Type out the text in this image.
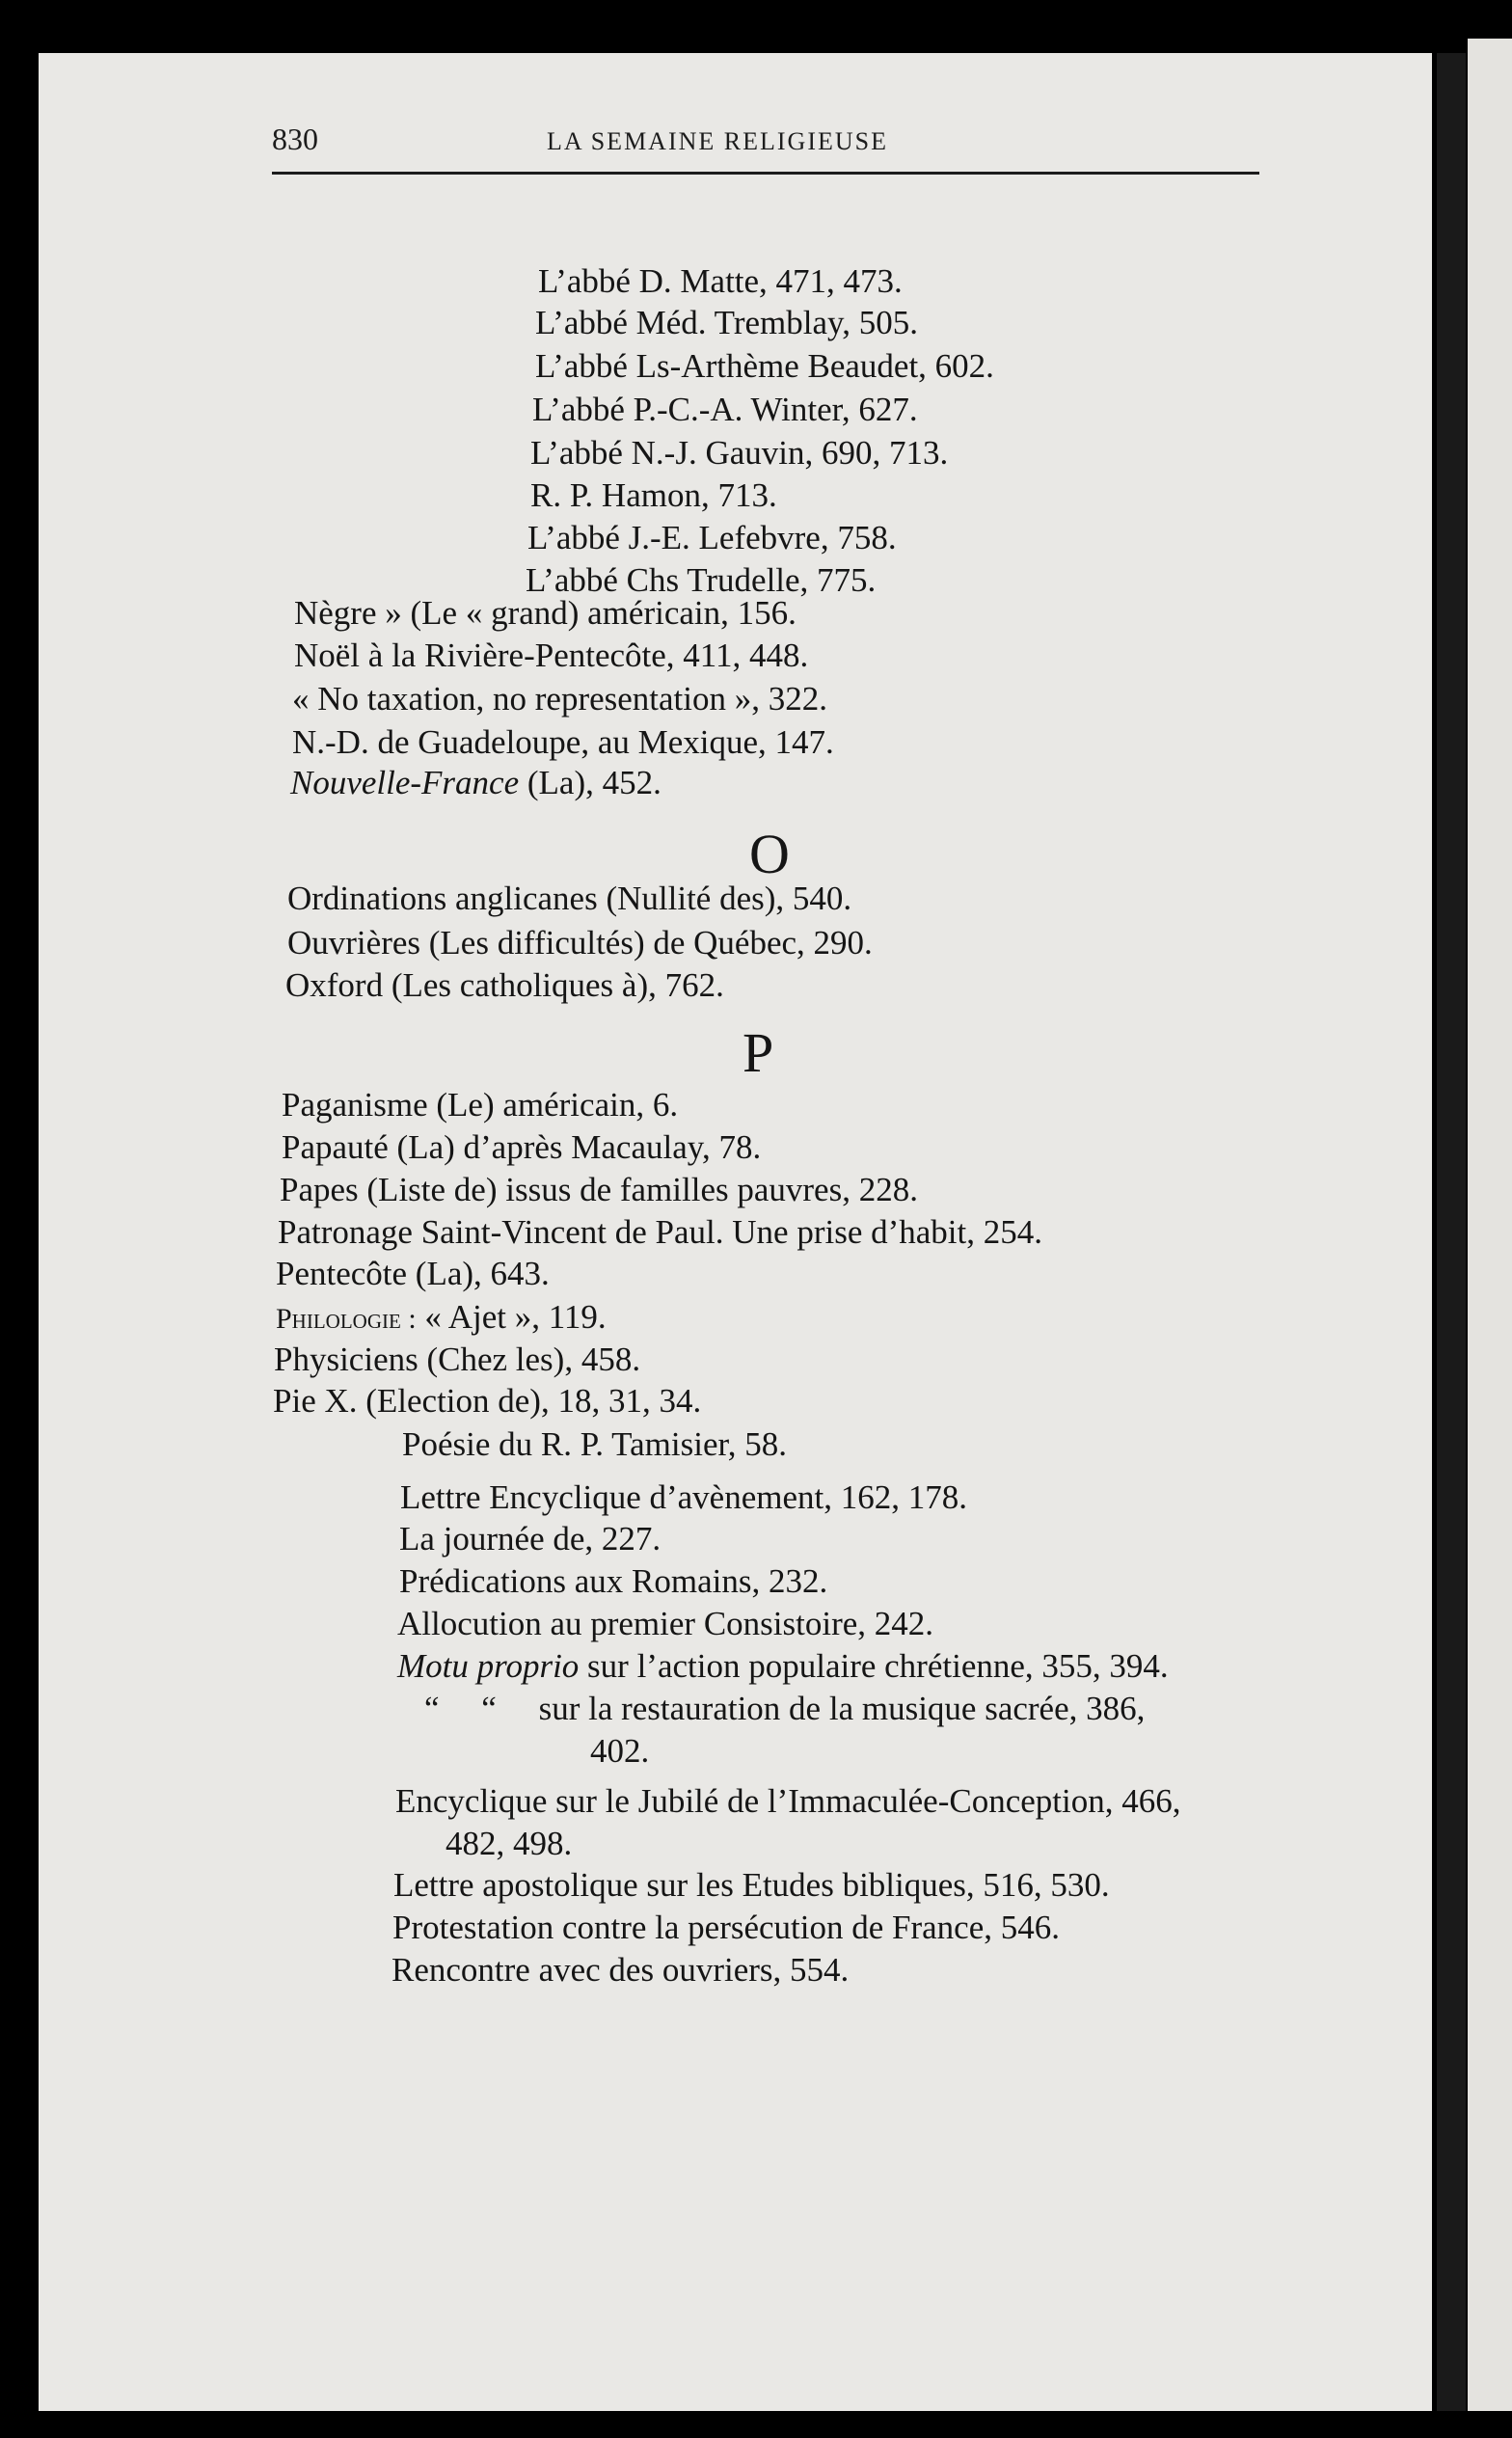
830	LA SEMAINE RELIGIEUSE
L’abbé D. Matte, 471, 473.
L’abbé Méd. Tremblay, 505.
L’abbé Ls-Arthème Beaudet, 602.
L’abbé P.-C.-A. Winter, 627.
L’abbé N.-J. Gauvin, 690, 713.
R. P. Hamon, 713.
L’abbé J.-E. Lefebvre, 758.
L’abbé Chs Trudelle, 775.
Nègre » (Le « grand) américain, 156.
Noël à la Rivière-Pentecôte, 411, 448.
« No taxation, no representation », 322.
N.-D. de Guadeloupe, au Mexique, 147.
Nouvelle-France (La), 452.
O
Ordinations anglicanes (Nullité des), 540.
Ouvrières (Les difficultés) de Québec, 290.
Oxford (Les catholiques à), 762.
P
Paganisme (Le) américain, 6.
Papauté (La) d’après Macaulay, 78.
Papes (Liste de) issus de familles pauvres, 228.
Patronage Saint-Vincent de Paul. Une prise d’habit, 254.
Pentecôte (La), 643.
Philologie : « Ajet », 119.
Physiciens (Chez les), 458.
Pie X. (Election de), 18, 31, 34.
Poésie du R. P. Tamisier, 58.
Lettre Encyclique d’avènement, 162, 178.
La journée de, 227.
Prédications aux Romains, 232.
Allocution au premier Consistoire, 242.
Motu proprio sur l’action populaire chrétienne, 355, 394.
“     “     sur la restauration de la musique sacrée, 386,
402.
Encyclique sur le Jubilé de l’Immaculée-Conception, 466,
482, 498.
Lettre apostolique sur les Etudes bibliques, 516, 530.
Protestation contre la persécution de France, 546.
Rencontre avec des ouvriers, 554.
